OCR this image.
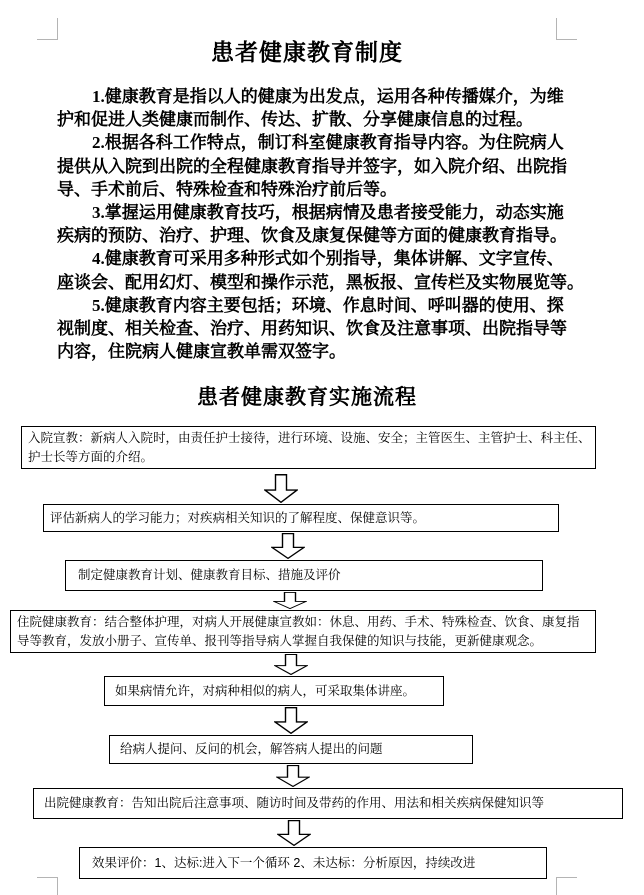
患者健康教育制度
1.健康教育是指以人的健康为出发点，运用各种传播媒介，为维
护和促进人类健康而制作、传达、扩散、分享健康信息的过程。
2.根据各科工作特点，制订科室健康教育指导内容。为住院病人
提供从入院到出院的全程健康教育指导并签字，如入院介绍、出院指
导、手术前后、特殊检查和特殊治疗前后等。
3.掌握运用健康教育技巧，根据病情及患者接受能力，动态实施
疾病的预防、治疗、护理、饮食及康复保健等方面的健康教育指导。
4.健康教育可采用多种形式如个别指导，集体讲解、文字宣传、
座谈会、配用幻灯、模型和操作示范，黑板报、宣传栏及实物展览等。
5.健康教育内容主要包括；环境、作息时间、呼叫器的使用、探
视制度、相关检查、治疗、用药知识、饮食及注意事项、出院指导等
内容，住院病人健康宣教单需双签字。
患者健康教育实施流程
入院宣教：新病人入院时，由责任护士接待，进行环境、设施、安全；主管医生、主管护士、科主任、
护士长等方面的介绍。
评估新病人的学习能力；对疾病相关知识的了解程度、保健意识等。
制定健康教育计划、健康教育目标、措施及评价
住院健康教育：结合整体护理，对病人开展健康宣教如：休息、用药、手术、特殊检查、饮食、康复指
导等教育，发放小册子、宣传单、报刊等指导病人掌握自我保健的知识与技能，更新健康观念。
如果病情允许，对病种相似的病人，可采取集体讲座。
给病人提问、反问的机会，解答病人提出的问题
出院健康教育：告知出院后注意事项、随访时间及带药的作用、用法和相关疾病保健知识等
效果评价：1、达标:进入下一个循环 2、未达标：分析原因，持续改进
